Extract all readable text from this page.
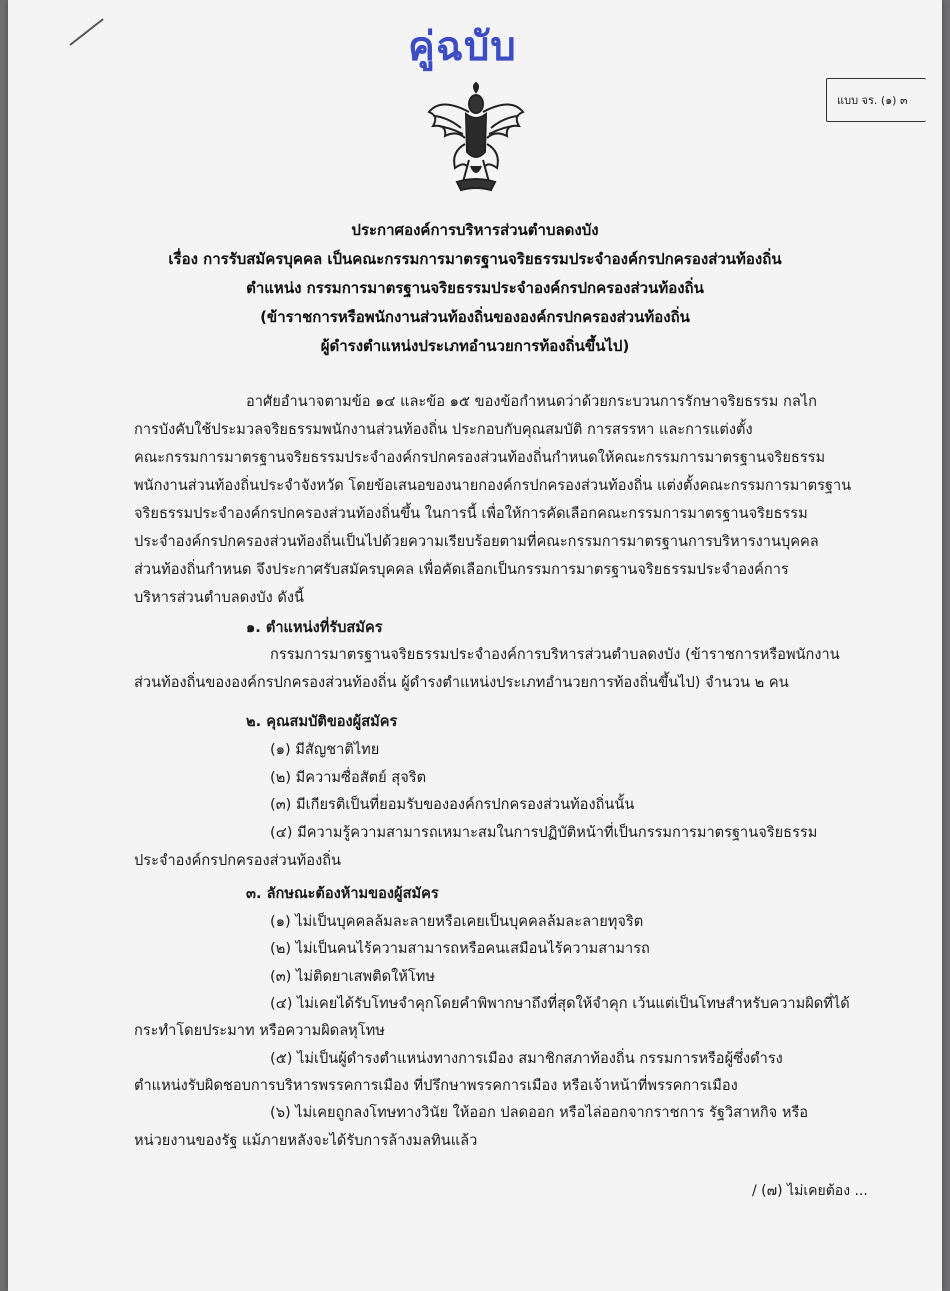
คู่ฉบับ
แบบ จร. (๑) ๓
ประกาศองค์การบริหารส่วนตำบลดงบัง
เรื่อง การรับสมัครบุคคล เป็นคณะกรรมการมาตรฐานจริยธรรมประจำองค์กรปกครองส่วนท้องถิ่น
ตำแหน่ง กรรมการมาตรฐานจริยธรรมประจำองค์กรปกครองส่วนท้องถิ่น
(ข้าราชการหรือพนักงานส่วนท้องถิ่นขององค์กรปกครองส่วนท้องถิ่น
ผู้ดำรงตำแหน่งประเภทอำนวยการท้องถิ่นขึ้นไป)
อาศัยอำนาจตามข้อ ๑๔ และข้อ ๑๕ ของข้อกำหนดว่าด้วยกระบวนการรักษาจริยธรรม กลไก
การบังคับใช้ประมวลจริยธรรมพนักงานส่วนท้องถิ่น ประกอบกับคุณสมบัติ การสรรหา และการแต่งตั้ง
คณะกรรมการมาตรฐานจริยธรรมประจำองค์กรปกครองส่วนท้องถิ่นกำหนดให้คณะกรรมการมาตรฐานจริยธรรม
พนักงานส่วนท้องถิ่นประจำจังหวัด โดยข้อเสนอของนายกองค์กรปกครองส่วนท้องถิ่น แต่งตั้งคณะกรรมการมาตรฐาน
จริยธรรมประจำองค์กรปกครองส่วนท้องถิ่นขึ้น ในการนี้ เพื่อให้การคัดเลือกคณะกรรมการมาตรฐานจริยธรรม
ประจำองค์กรปกครองส่วนท้องถิ่นเป็นไปด้วยความเรียบร้อยตามที่คณะกรรมการมาตรฐานการบริหารงานบุคคล
ส่วนท้องถิ่นกำหนด จึงประกาศรับสมัครบุคคล เพื่อคัดเลือกเป็นกรรมการมาตรฐานจริยธรรมประจำองค์การ
บริหารส่วนตำบลดงบัง ดังนี้
๑. ตำแหน่งที่รับสมัคร
กรรมการมาตรฐานจริยธรรมประจำองค์การบริหารส่วนตำบลดงบัง (ข้าราชการหรือพนักงาน
ส่วนท้องถิ่นขององค์กรปกครองส่วนท้องถิ่น ผู้ดำรงตำแหน่งประเภทอำนวยการท้องถิ่นขึ้นไป) จำนวน ๒ คน
๒. คุณสมบัติของผู้สมัคร
(๑) มีสัญชาติไทย
(๒) มีความซื่อสัตย์ สุจริต
(๓) มีเกียรติเป็นที่ยอมรับขององค์กรปกครองส่วนท้องถิ่นนั้น
(๔) มีความรู้ความสามารถเหมาะสมในการปฏิบัติหน้าที่เป็นกรรมการมาตรฐานจริยธรรม
ประจำองค์กรปกครองส่วนท้องถิ่น
๓. ลักษณะต้องห้ามของผู้สมัคร
(๑) ไม่เป็นบุคคลล้มละลายหรือเคยเป็นบุคคลล้มละลายทุจริต
(๒) ไม่เป็นคนไร้ความสามารถหรือคนเสมือนไร้ความสามารถ
(๓) ไม่ติดยาเสพติดให้โทษ
(๔) ไม่เคยได้รับโทษจำคุกโดยคำพิพากษาถึงที่สุดให้จำคุก เว้นแต่เป็นโทษสำหรับความผิดที่ได้
กระทำโดยประมาท หรือความผิดลหุโทษ
(๕) ไม่เป็นผู้ดำรงตำแหน่งทางการเมือง สมาชิกสภาท้องถิ่น กรรมการหรือผู้ซึ่งดำรง
ตำแหน่งรับผิดชอบการบริหารพรรคการเมือง ที่ปรึกษาพรรคการเมือง หรือเจ้าหน้าที่พรรคการเมือง
(๖) ไม่เคยถูกลงโทษทางวินัย ให้ออก ปลดออก หรือไล่ออกจากราชการ รัฐวิสาหกิจ หรือ
หน่วยงานของรัฐ แม้ภายหลังจะได้รับการล้างมลทินแล้ว
/ (๗) ไม่เคยต้อง ...
